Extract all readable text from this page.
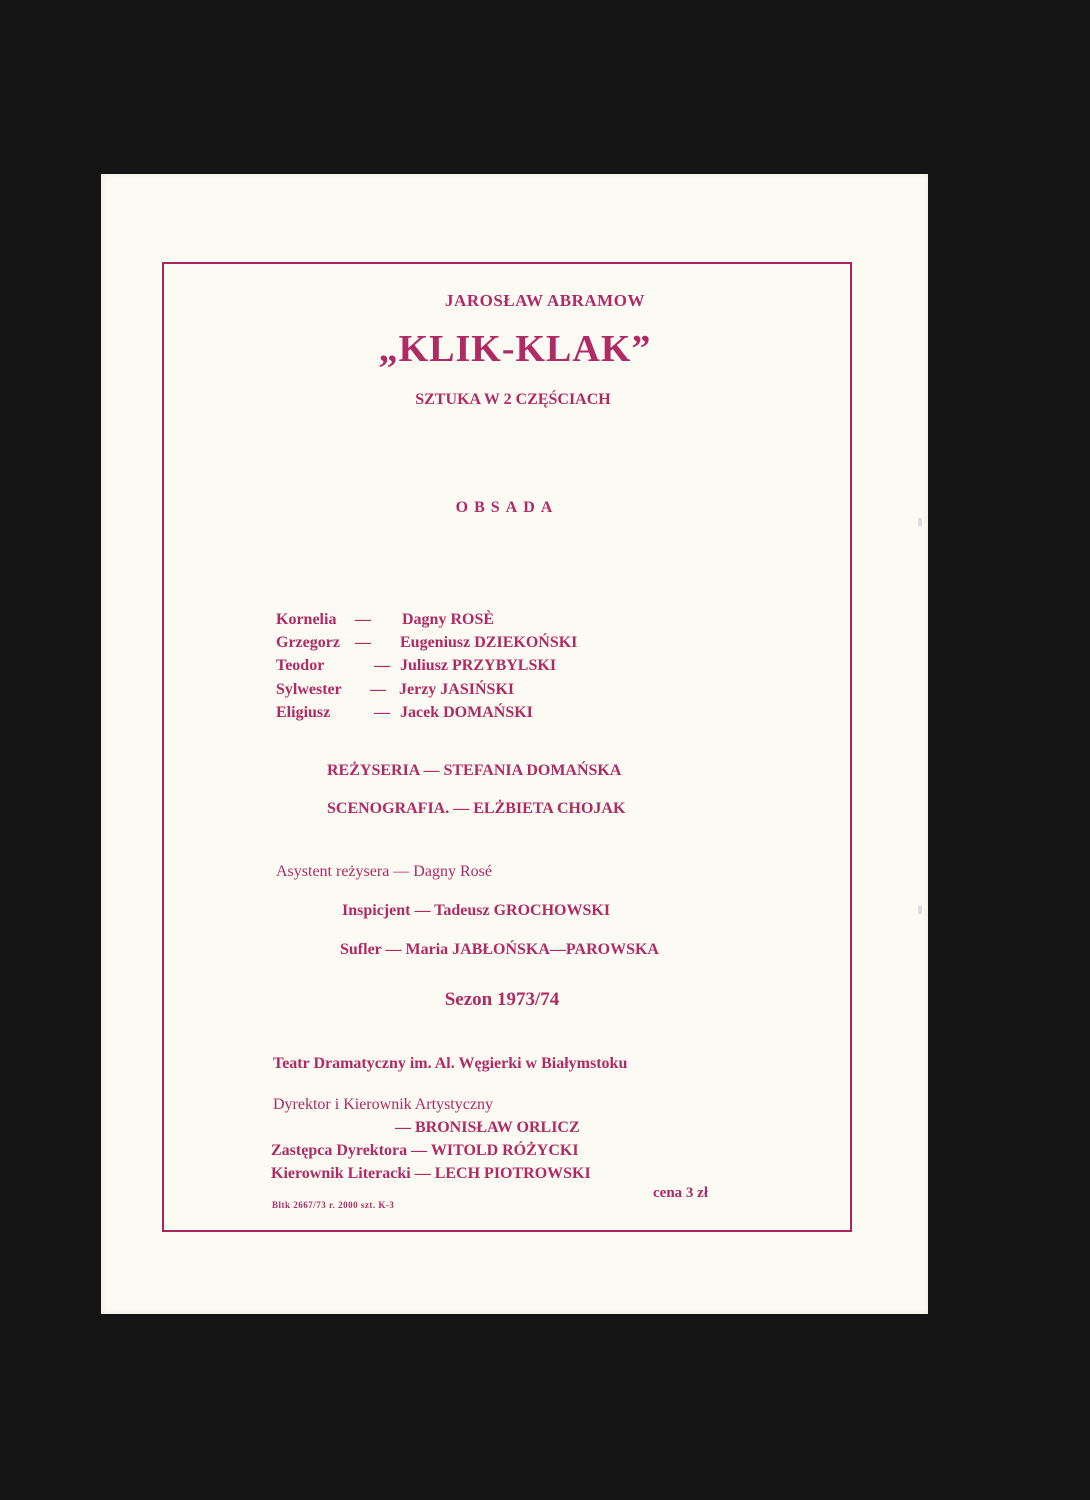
JAROSŁAW ABRAMOW
„KLIK-KLAK”
SZTUKA W 2 CZĘŚCIACH
OBSADA
Kornelia — Dagny ROSÈ
Grzegorz — Eugeniusz DZIEKOŃSKI
Teodor	— Juliusz PRZYBYLSKI
Sylwester — Jerzy JASIŃSKI
Eligiusz	— Jacek DOMAŃSKI
REŻYSERIA — STEFANIA DOMAŃSKA
SCENOGRAFIA. — ELŻBIETA CHOJAK
Asystent reżysera — Dagny Rosé
Inspicjent — Tadeusz GROCHOWSKI
Sufler — Maria JABŁOŃSKA—PAROWSKA
Sezon 1973/74
Teatr Dramatyczny im. Al. Węgierki w Białymstoku
Dyrektor i Kierownik Artystyczny
— BRONISŁAW ORLICZ
Zastępca Dyrektora — WITOLD RÓŻYCKI
Kierownik Literacki — LECH PIOTROWSKI
cena 3 zł
Bltk 2667/73 r. 2000 szt. K-3
